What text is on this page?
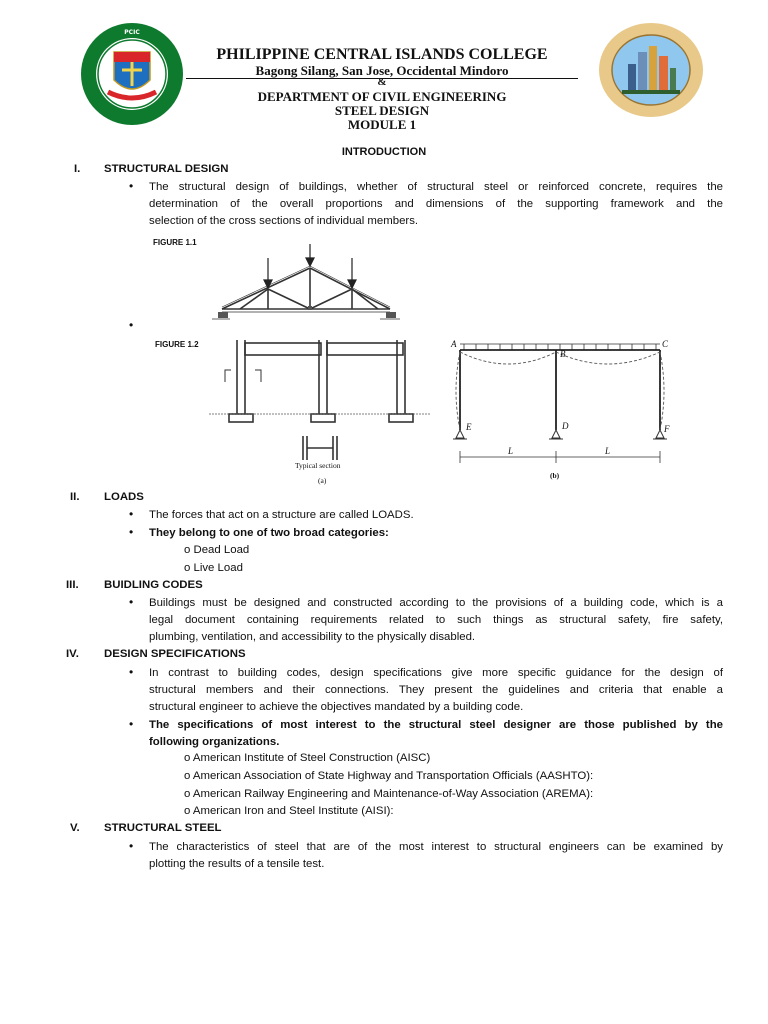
PCIC
PHILIPPINE CENTRAL ISLANDS COLLEGE
Bagong Silang, San Jose, Occidental Mindoro
&
DEPARTMENT OF CIVIL ENGINEERING
STEEL DESIGN
MODULE 1
INTRODUCTION
I. STRUCTURAL DESIGN
•	The structural design of buildings, whether of structural steel or reinforced concrete, requires the
determination of the overall proportions and dimensions of the supporting framework and the
selection of the cross sections of individual members.
FIGURE 1.1
•
FIGURE 1.2
Typical section
(a)
A
B
C
D
E	F
L	L
(b)
II. LOADS
•	The forces that act on a structure are called LOADS.
•	They belong to one of two broad categories:
o Dead Load
o Live Load
III. BUIDLING CODES
•	Buildings must be designed and constructed according to the provisions of a building code, which is a
legal document containing requirements related to such things as structural safety, fire safety,
plumbing, ventilation, and accessibility to the physically disabled.
IV. DESIGN SPECIFICATIONS
•	In contrast to building codes, design specifications give more specific guidance for the design of
structural members and their connections. They present the guidelines and criteria that enable a
structural engineer to achieve the objectives mandated by a building code.
•	The specifications of most interest to the structural steel designer are those published by the
following organizations.
o American Institute of Steel Construction (AISC)
o American Association of State Highway and Transportation Officials (AASHTO):
o American Railway Engineering and Maintenance-of-Way Association (AREMA):
o American Iron and Steel Institute (AISI):
V. STRUCTURAL STEEL
•	The characteristics of steel that are of the most interest to structural engineers can be examined by
plotting the results of a tensile test.
